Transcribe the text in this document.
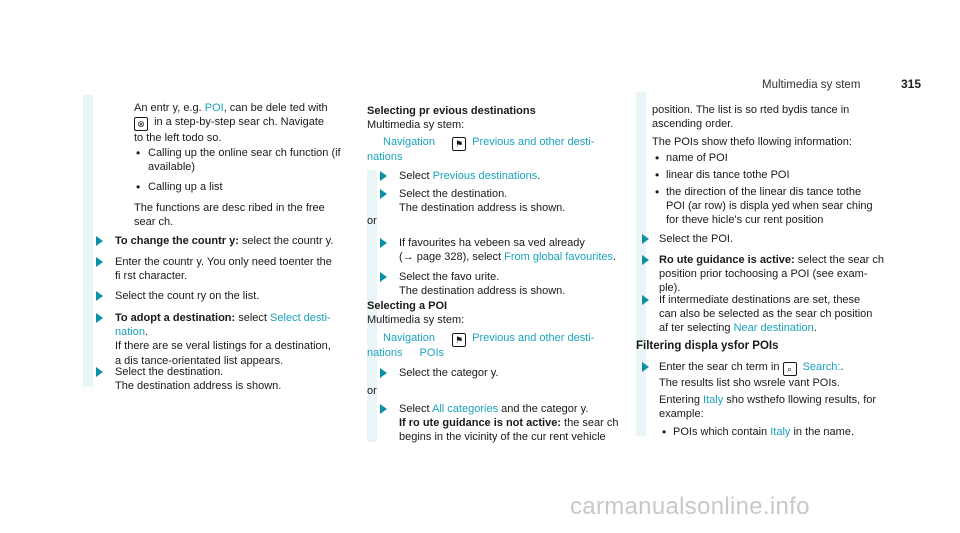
Multimedia sy stem	315
An entr y, e.g. POI, can be dele ted with
⊗ in a step-by-step sear ch. Navigate
to the left todo so.
• Calling up the online sear ch function (if
available)
• Calling up a list
The functions are desc ribed in the free
sear ch.
To change the countr y: select the countr y.
Enter the countr y. You only need toenter the
fi rst character.
Select the count ry on the list.
To adopt a destination: select Select desti-
nation.
If there are se veral listings for a destination,
a dis tance-orientated list appears.
Select the destination.
The destination address is shown.
Selecting pr evious destinations
Multimedia sy stem:
Navigation ⚑ Previous and other desti-
nations
Select Previous destinations.
Select the destination.
The destination address is shown.
or
If favourites ha vebeen sa ved already
(→ page 328), select From global favourites.
Select the favo urite.
The destination address is shown.
Selecting a POI
Multimedia sy stem:
Navigation ⚑ Previous and other desti-
nations POIs
Select the categor y.
or
Select All categories and the categor y.
If ro ute guidance is not active: the sear ch
begins in the vicinity of the cur rent vehicle
position. The list is so rted bydis tance in
ascending order.
The POIs show thefo llowing information:
• name of POI
• linear dis tance tothe POI
• the direction of the linear dis tance tothe
POI (ar row) is displa yed when sear ching
for theve hicle's cur rent position
Select the POI.
Ro ute guidance is active: select the sear ch
position prior tochoosing a POI (see exam‐
ple).
If intermediate destinations are set, these
can also be selected as the sear ch position
af ter selecting Near destination.
Filtering displa ysfor POIs
Enter the sear ch term in ⌕ Search:.
The results list sho wsrele vant POIs.
Entering Italy sho wsthefo llowing results, for
example:
• POIs which contain Italy in the name.
carmanualsonline.info
